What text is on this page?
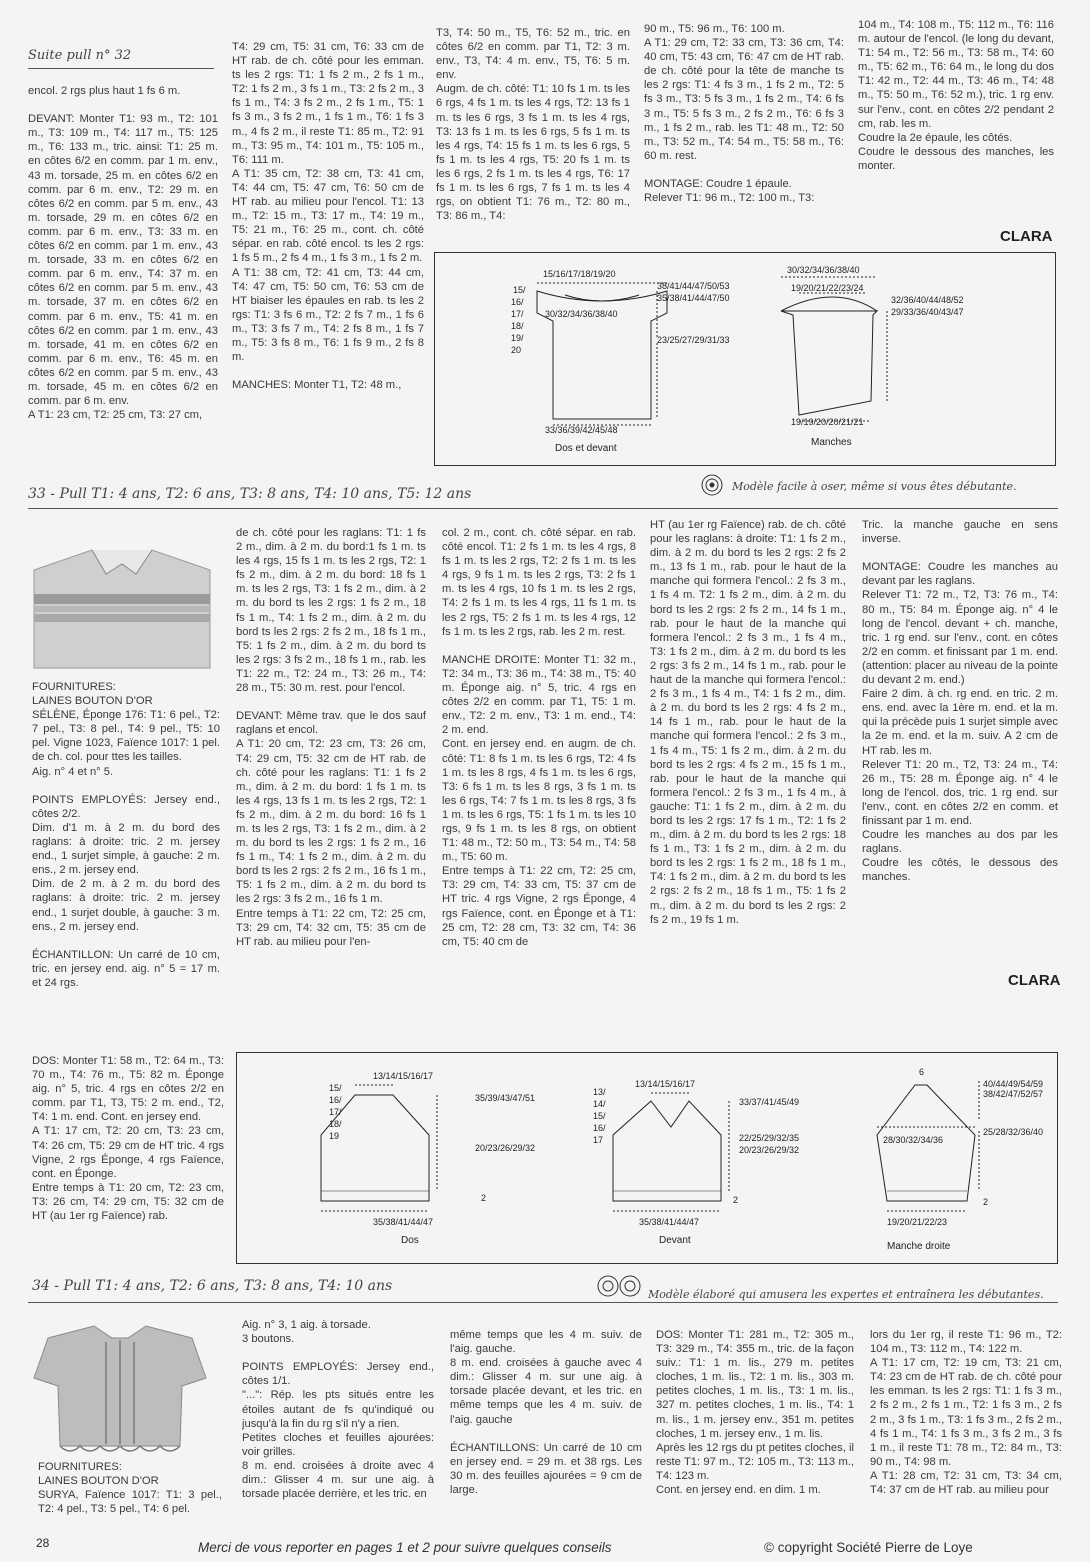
Suite pull n° 32
encol. 2 rgs plus haut 1 fs 6 m.

DEVANT: Monter T1: 93 m., T2: 101 m., T3: 109 m., T4: 117 m., T5: 125 m., T6: 133 m., tric. ainsi: T1: 25 m. en côtes 6/2 en comm. par 1 m. env., 43 m. torsade, 25 m. en côtes 6/2 en comm. par 6 m. env., T2: 29 m. en côtes 6/2 en comm. par 5 m. env., 43 m. torsade, 29 m. en côtes 6/2 en comm. par 6 m. env., T3: 33 m. en côtes 6/2 en comm. par 1 m. env., 43 m. torsade, 33 m. en côtes 6/2 en comm. par 6 m. env., T4: 37 m. en côtes 6/2 en comm. par 5 m. env., 43 m. torsade, 37 m. en côtes 6/2 en comm. par 6 m. env., T5: 41 m. en côtes 6/2 en comm. par 1 m. env., 43 m. torsade, 41 m. en côtes 6/2 en comm. par 6 m. env., T6: 45 m. en côtes 6/2 en comm. par 5 m. env., 43 m. torsade, 45 m. en côtes 6/2 en comm. par 6 m. env.
A T1: 23 cm, T2: 25 cm, T3: 27 cm,
T4: 29 cm, T5: 31 cm, T6: 33 cm de HT rab. de ch. côté pour les emman. ts les 2 rgs: T1: 1 fs 2 m., 2 fs 1 m., T2: 1 fs 2 m., 3 fs 1 m., T3: 2 fs 2 m., 3 fs 1 m., T4: 3 fs 2 m., 2 fs 1 m., T5: 1 fs 3 m., 3 fs 2 m., 1 fs 1 m., T6: 1 fs 3 m., 4 fs 2 m., il reste T1: 85 m., T2: 91 m., T3: 95 m., T4: 101 m., T5: 105 m., T6: 111 m.
A T1: 35 cm, T2: 38 cm, T3: 41 cm, T4: 44 cm, T5: 47 cm, T6: 50 cm de HT rab. au milieu pour l'encol. T1: 13 m., T2: 15 m., T3: 17 m., T4: 19 m., T5: 21 m., T6: 25 m., cont. ch. côté sépar. en rab. côté encol. ts les 2 rgs: 1 fs 5 m., 2 fs 4 m., 1 fs 3 m., 1 fs 2 m.
A T1: 38 cm, T2: 41 cm, T3: 44 cm, T4: 47 cm, T5: 50 cm, T6: 53 cm de HT biaiser les épaules en rab. ts les 2 rgs: T1: 3 fs 6 m., T2: 2 fs 7 m., 1 fs 6 m., T3: 3 fs 7 m., T4: 2 fs 8 m., 1 fs 7 m., T5: 3 fs 8 m., T6: 1 fs 9 m., 2 fs 8 m.

MANCHES: Monter T1, T2: 48 m.,
T3, T4: 50 m., T5, T6: 52 m., tric. en côtes 6/2 en comm. par T1, T2: 3 m. env., T3, T4: 4 m. env., T5, T6: 5 m. env.
Augm. de ch. côté: T1: 10 fs 1 m. ts les 6 rgs, 4 fs 1 m. ts les 4 rgs, T2: 13 fs 1 m. ts les 6 rgs, 3 fs 1 m. ts les 4 rgs, T3: 13 fs 1 m. ts les 6 rgs, 5 fs 1 m. ts les 4 rgs, T4: 15 fs 1 m. ts les 6 rgs, 5 fs 1 m. ts les 4 rgs, T5: 20 fs 1 m. ts les 6 rgs, 2 fs 1 m. ts les 4 rgs, T6: 17 fs 1 m. ts les 6 rgs, 7 fs 1 m. ts les 4 rgs, on obtient T1: 76 m., T2: 80 m., T3: 86 m., T4:
90 m., T5: 96 m., T6: 100 m.
A T1: 29 cm, T2: 33 cm, T3: 36 cm, T4: 40 cm, T5: 43 cm, T6: 47 cm de HT rab. de ch. côté pour la tête de manche ts les 2 rgs: T1: 4 fs 3 m., 1 fs 2 m., T2: 5 fs 3 m., T3: 5 fs 3 m., 1 fs 2 m., T4: 6 fs 3 m., T5: 5 fs 3 m., 2 fs 2 m., T6: 6 fs 3 m., 1 fs 2 m., rab. les T1: 48 m., T2: 50 m., T3: 52 m., T4: 54 m., T5: 58 m., T6: 60 m. rest.

MONTAGE: Coudre 1 épaule.
Relever T1: 96 m., T2: 100 m., T3:
104 m., T4: 108 m., T5: 112 m., T6: 116 m. autour de l'encol. (le long du devant, T1: 54 m., T2: 56 m., T3: 58 m., T4: 60 m., T5: 62 m., T6: 64 m., le long du dos T1: 42 m., T2: 44 m., T3: 46 m., T4: 48 m., T5: 50 m., T6: 52 m.), tric. 1 rg env. sur l'env., cont. en côtes 2/2 pendant 2 cm, rab. les m.
Coudre la 2e épaule, les côtés.
Coudre le dessous des manches, les monter.
CLARA
15/16/17/18/19/20
15/
16/
17/
18/
19/
20
30/32/34/36/38/40
38/41/44/47/50/53
35/38/41/44/47/50
23/25/27/29/31/33
33/36/39/42/45/48
Dos et devant
30/32/34/36/38/40
19/20/21/22/23/24
32/36/40/44/48/52
29/33/36/40/43/47
19/19/20/20/21/21
Manches
33 - Pull T1: 4 ans, T2: 6 ans, T3: 8 ans, T4: 10 ans, T5: 12 ans	Modèle facile à oser, même si vous êtes débutante.
FOURNITURES:
LAINES BOUTON D'OR
SÉLÈNE, Éponge 176: T1: 6 pel., T2: 7 pel., T3: 8 pel., T4: 9 pel., T5: 10 pel. Vigne 1023, Faïence 1017: 1 pel. de ch. col. pour ttes les tailles.
Aig. n° 4 et n° 5.

POINTS EMPLOYÉS: Jersey end., côtes 2/2.
Dim. d'1 m. à 2 m. du bord des raglans: à droite: tric. 2 m. jersey end., 1 surjet simple, à gauche: 2 m. ens., 2 m. jersey end.
Dim. de 2 m. à 2 m. du bord des raglans: à droite: tric. 2 m. jersey end., 1 surjet double, à gauche: 3 m. ens., 2 m. jersey end.

ÉCHANTILLON: Un carré de 10 cm, tric. en jersey end. aig. n° 5 = 17 m. et 24 rgs.
DOS: Monter T1: 58 m., T2: 64 m., T3: 70 m., T4: 76 m., T5: 82 m. Éponge aig. n° 5, tric. 4 rgs en côtes 2/2 en comm. par T1, T3, T5: 2 m. end., T2, T4: 1 m. end. Cont. en jersey end.
A T1: 17 cm, T2: 20 cm, T3: 23 cm, T4: 26 cm, T5: 29 cm de HT tric. 4 rgs Vigne, 2 rgs Éponge, 4 rgs Faïence, cont. en Éponge.
Entre temps à T1: 20 cm, T2: 23 cm, T3: 26 cm, T4: 29 cm, T5: 32 cm de HT (au 1er rg Faïence) rab.
de ch. côté pour les raglans: T1: 1 fs 2 m., dim. à 2 m. du bord:1 fs 1 m. ts les 4 rgs, 15 fs 1 m. ts les 2 rgs, T2: 1 fs 2 m., dim. à 2 m. du bord: 18 fs 1 m. ts les 2 rgs, T3: 1 fs 2 m., dim. à 2 m. du bord ts les 2 rgs: 1 fs 2 m., 18 fs 1 m., T4: 1 fs 2 m., dim. à 2 m. du bord ts les 2 rgs: 2 fs 2 m., 18 fs 1 m., T5: 1 fs 2 m., dim. à 2 m. du bord ts les 2 rgs: 3 fs 2 m., 18 fs 1 m., rab. les T1: 22 m., T2: 24 m., T3: 26 m., T4: 28 m., T5: 30 m. rest. pour l'encol.

DEVANT: Même trav. que le dos sauf raglans et encol.
A T1: 20 cm, T2: 23 cm, T3: 26 cm, T4: 29 cm, T5: 32 cm de HT rab. de ch. côté pour les raglans: T1: 1 fs 2 m., dim. à 2 m. du bord: 1 fs 1 m. ts les 4 rgs, 13 fs 1 m. ts les 2 rgs, T2: 1 fs 2 m., dim. à 2 m. du bord: 16 fs 1 m. ts les 2 rgs, T3: 1 fs 2 m., dim. à 2 m. du bord ts les 2 rgs: 1 fs 2 m., 16 fs 1 m., T4: 1 fs 2 m., dim. à 2 m. du bord ts les 2 rgs: 2 fs 2 m., 16 fs 1 m., T5: 1 fs 2 m., dim. à 2 m. du bord ts les 2 rgs: 3 fs 2 m., 16 fs 1 m.
Entre temps à T1: 22 cm, T2: 25 cm, T3: 29 cm, T4: 32 cm, T5: 35 cm de HT rab. au milieu pour l'en-
col. 2 m., cont. ch. côté sépar. en rab. côté encol. T1: 2 fs 1 m. ts les 4 rgs, 8 fs 1 m. ts les 2 rgs, T2: 2 fs 1 m. ts les 4 rgs, 9 fs 1 m. ts les 2 rgs, T3: 2 fs 1 m. ts les 4 rgs, 10 fs 1 m. ts les 2 rgs, T4: 2 fs 1 m. ts les 4 rgs, 11 fs 1 m. ts les 2 rgs, T5: 2 fs 1 m. ts les 4 rgs, 12 fs 1 m. ts les 2 rgs, rab. les 2 m. rest.

MANCHE DROITE: Monter T1: 32 m., T2: 34 m., T3: 36 m., T4: 38 m., T5: 40 m. Éponge aig. n° 5, tric. 4 rgs en côtes 2/2 en comm. par T1, T5: 1 m. env., T2: 2 m. env., T3: 1 m. end., T4: 2 m. end.
Cont. en jersey end. en augm. de ch. côté: T1: 8 fs 1 m. ts les 6 rgs, T2: 4 fs 1 m. ts les 8 rgs, 4 fs 1 m. ts les 6 rgs, T3: 6 fs 1 m. ts les 8 rgs, 3 fs 1 m. ts les 6 rgs, T4: 7 fs 1 m. ts les 8 rgs, 3 fs 1 m. ts les 6 rgs, T5: 1 fs 1 m. ts les 10 rgs, 9 fs 1 m. ts les 8 rgs, on obtient T1: 48 m., T2: 50 m., T3: 54 m., T4: 58 m., T5: 60 m.
Entre temps à T1: 22 cm, T2: 25 cm, T3: 29 cm, T4: 33 cm, T5: 37 cm de HT tric. 4 rgs Vigne, 2 rgs Éponge, 4 rgs Faïence, cont. en Éponge et à T1: 25 cm, T2: 28 cm, T3: 32 cm, T4: 36 cm, T5: 40 cm de
HT (au 1er rg Faïence) rab. de ch. côté pour les raglans: à droite: T1: 1 fs 2 m., dim. à 2 m. du bord ts les 2 rgs: 2 fs 2 m., 13 fs 1 m., rab. pour le haut de la manche qui formera l'encol.: 2 fs 3 m., 1 fs 4 m. T2: 1 fs 2 m., dim. à 2 m. du bord ts les 2 rgs: 2 fs 2 m., 14 fs 1 m., rab. pour le haut de la manche qui formera l'encol.: 2 fs 3 m., 1 fs 4 m., T3: 1 fs 2 m., dim. à 2 m. du bord ts les 2 rgs: 3 fs 2 m., 14 fs 1 m., rab. pour le haut de la manche qui formera l'encol.: 2 fs 3 m., 1 fs 4 m., T4: 1 fs 2 m., dim. à 2 m. du bord ts les 2 rgs: 4 fs 2 m., 14 fs 1 m., rab. pour le haut de la manche qui formera l'encol.: 2 fs 3 m., 1 fs 4 m., T5: 1 fs 2 m., dim. à 2 m. du bord ts les 2 rgs: 4 fs 2 m., 15 fs 1 m., rab. pour le haut de la manche qui formera l'encol.: 2 fs 3 m., 1 fs 4 m., à gauche: T1: 1 fs 2 m., dim. à 2 m. du bord ts les 2 rgs: 17 fs 1 m., T2: 1 fs 2 m., dim. à 2 m. du bord ts les 2 rgs: 18 fs 1 m., T3: 1 fs 2 m., dim. à 2 m. du bord ts les 2 rgs: 1 fs 2 m., 18 fs 1 m., T4: 1 fs 2 m., dim. à 2 m. du bord ts les 2 rgs: 2 fs 2 m., 18 fs 1 m., T5: 1 fs 2 m., dim. à 2 m. du bord ts les 2 rgs: 2 fs 2 m., 19 fs 1 m.
Tric. la manche gauche en sens inverse.

MONTAGE: Coudre les manches au devant par les raglans.
Relever T1: 72 m., T2, T3: 76 m., T4: 80 m., T5: 84 m. Éponge aig. n° 4 le long de l'encol. devant + ch. manche, tric. 1 rg end. sur l'env., cont. en côtes 2/2 en comm. et finissant par 1 m. end. (attention: placer au niveau de la pointe du devant 2 m. end.)
Faire 2 dim. à ch. rg end. en tric. 2 m. ens. end. avec la 1ère m. end. et la m. qui la précède puis 1 surjet simple avec la 2e m. end. et la m. suiv. A 2 cm de HT rab. les m.
Relever T1: 20 m., T2, T3: 24 m., T4: 26 m., T5: 28 m. Éponge aig. n° 4 le long de l'encol. dos, tric. 1 rg end. sur l'env., cont. en côtes 2/2 en comm. et finissant par 1 m. end.
Coudre les manches au dos par les raglans.
Coudre les côtés, le dessous des manches.
CLARA
13/14/15/16/17
15/
16/
17/
18/
19
35/39/43/47/51
20/23/26/29/32
2
35/38/41/44/47
Dos
13/14/15/16/17
13/
14/
15/
16/
17
33/37/41/45/49
22/25/29/32/35
20/23/26/29/32
2
35/38/41/44/47
Devant
6
40/44/49/54/59
38/42/47/52/57
28/30/32/34/36
25/28/32/36/40
2
19/20/21/22/23
Manche droite
34 - Pull T1: 4 ans, T2: 6 ans, T3: 8 ans, T4: 10 ans
Modèle élaboré qui amusera les expertes et entraînera les débutantes.
FOURNITURES:
LAINES BOUTON D'OR
SURYA, Faïence 1017: T1: 3 pel., T2: 4 pel., T3: 5 pel., T4: 6 pel.
Aig. n° 3, 1 aig. à torsade.
3 boutons.

POINTS EMPLOYÉS: Jersey end., côtes 1/1.
"...": Rép. les pts situés entre les étoiles autant de fs qu'indiqué ou jusqu'à la fin du rg s'il n'y a rien.
Petites cloches et feuilles ajourées: voir grilles.
8 m. end. croisées à droite avec 4 dim.: Glisser 4 m. sur une aig. à torsade placée derrière, et les tric. en
même temps que les 4 m. suiv. de l'aig. gauche.
8 m. end. croisées à gauche avec 4 dim.: Glisser 4 m. sur une aig. à torsade placée devant, et les tric. en même temps que les 4 m. suiv. de l'aig. gauche

ÉCHANTILLONS: Un carré de 10 cm en jersey end. = 29 m. et 38 rgs. Les 30 m. des feuilles ajourées = 9 cm de large.
DOS: Monter T1: 281 m., T2: 305 m., T3: 329 m., T4: 355 m., tric. de la façon suiv.: T1: 1 m. lis., 279 m. petites cloches, 1 m. lis., T2: 1 m. lis., 303 m. petites cloches, 1 m. lis., T3: 1 m. lis., 327 m. petites cloches, 1 m. lis., T4: 1 m. lis., 1 m. jersey env., 351 m. petites cloches, 1 m. jersey env., 1 m. lis.
Après les 12 rgs du pt petites cloches, il reste T1: 97 m., T2: 105 m., T3: 113 m., T4: 123 m.
Cont. en jersey end. en dim. 1 m.
lors du 1er rg, il reste T1: 96 m., T2: 104 m., T3: 112 m., T4: 122 m.
A T1: 17 cm, T2: 19 cm, T3: 21 cm, T4: 23 cm de HT rab. de ch. côté pour les emman. ts les 2 rgs: T1: 1 fs 3 m., 2 fs 2 m., 2 fs 1 m., T2: 1 fs 3 m., 2 fs 2 m., 3 fs 1 m., T3: 1 fs 3 m., 2 fs 2 m., 4 fs 1 m., T4: 1 fs 3 m., 3 fs 2 m., 3 fs 1 m., il reste T1: 78 m., T2: 84 m., T3: 90 m., T4: 98 m.
A T1: 28 cm, T2: 31 cm, T3: 34 cm, T4: 37 cm de HT rab. au milieu pour
28	Merci de vous reporter en pages 1 et 2 pour suivre quelques conseils	© copyright Société Pierre de Loye
